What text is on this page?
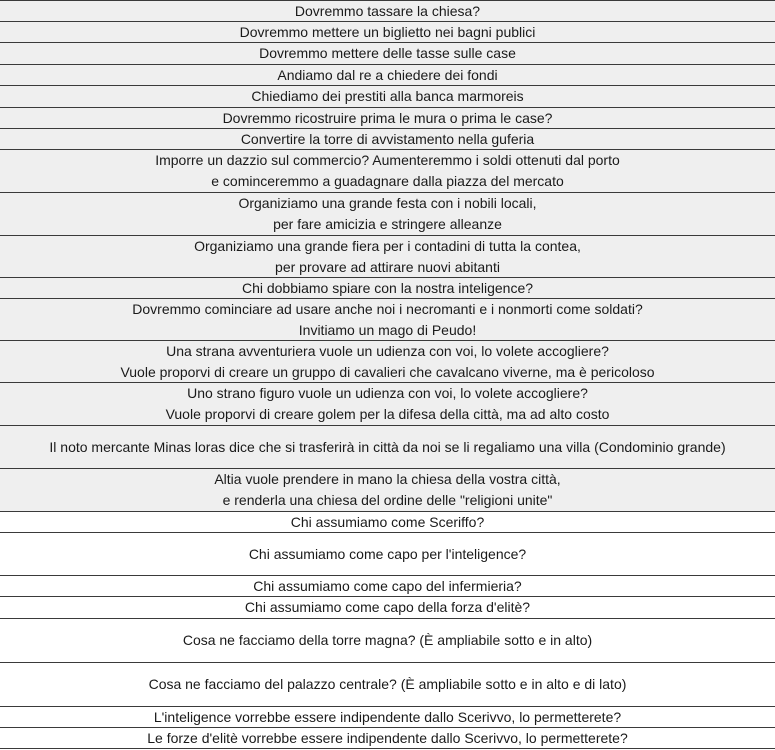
Dovremmo tassare la chiesa?
Dovremmo mettere un biglietto nei bagni publici
Dovremmo mettere delle tasse sulle case
Andiamo dal re a chiedere dei fondi
Chiediamo dei prestiti alla banca marmoreis
Dovremmo ricostruire prima le mura o prima le case?
Convertire la torre di avvistamento nella guferia
Imporre un dazzio sul commercio? Aumenteremmo i soldi ottenuti dal porto
e cominceremmo a guadagnare dalla piazza del mercato
Organiziamo una grande festa con i nobili locali,
per fare amicizia e stringere alleanze
Organiziamo una grande fiera per i contadini di tutta la contea,
per provare ad attirare nuovi abitanti
Chi dobbiamo spiare con la nostra inteligence?
Dovremmo cominciare ad usare anche noi i necromanti e i nonmorti come soldati?
Invitiamo un mago di Peudo!
Una strana avventuriera vuole un udienza con voi, lo volete accogliere?
Vuole proporvi di creare un gruppo di cavalieri che cavalcano viverne, ma è pericoloso
Uno strano figuro vuole un udienza con voi, lo volete accogliere?
Vuole proporvi di creare golem per la difesa della città, ma ad alto costo
Il noto mercante Minas loras dice che si trasferirà in città da noi se li regaliamo una villa (Condominio grande)
Altia vuole prendere in mano la chiesa della vostra città,
e renderla una chiesa del ordine delle "religioni unite"
Chi assumiamo come Sceriffo?
Chi assumiamo come capo per l'inteligence?
Chi assumiamo come capo del infermieria?
Chi assumiamo come capo della forza d'elitè?
Cosa ne facciamo della torre magna? (È ampliabile sotto e in alto)
Cosa ne facciamo del palazzo centrale? (È ampliabile sotto e in alto e di lato)
L'inteligence vorrebbe essere indipendente dallo Scerivvo, lo permetterete?
Le forze d'elitè vorrebbe essere indipendente dallo Scerivvo, lo permetterete?
